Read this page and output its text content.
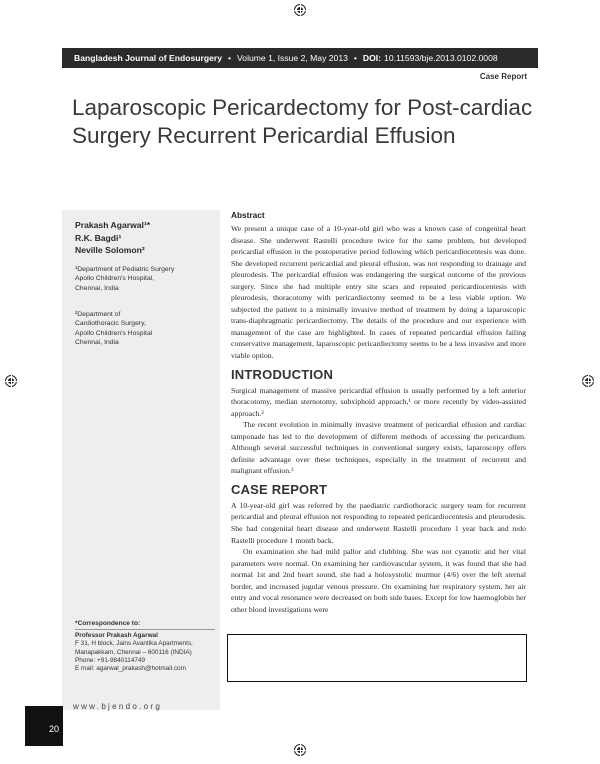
Bangladesh Journal of Endosurgery • Volume 1, Issue 2, May 2013 • DOI: 10.11593/bje.2013.0102.0008
Case Report
Laparoscopic Pericardectomy for Post-cardiac Surgery Recurrent Pericardial Effusion
Prakash Agarwal¹*
R.K. Bagdi¹
Neville Solomon²
¹Department of Pediatric Surgery
Apollo Children's Hospital,
Chennai, India
²Department of
Cardiothoracic Surgery,
Apollo Children's Hospital
Chennai, India
*Correspondence to:
Professor Prakash Agarwal
F 31, H block, Jains Avantika Apartments,
Manapakkam, Chennai – 600116 (INDIA)
Phone: +91-9840114749
E mail: agarwal_prakash@hotmail.com
Abstract

We present a unique case of a 10-year-old girl who was a known case of congenital heart disease. She underwent Rastelli procedure twice for the same problem, but developed pericardial effusion in the postoperative period following which pericardiocentesis was done. She developed recurrent pericardial and pleural effusion, was not responding to drainage and pleurodesis. The pericardial effusion was endangering the surgical outcome of the previous surgery. Since she had multiple entry site scars and repeated pericardiocentesis with pleurodesis, thoracotomy with pericardiectomy seemed to be a less viable option. We subjected the patient to a minimally invasive method of treatment by doing a laparoscopic trans-diaphragmatic pericardiectomy. The details of the procedure and our experience with management of the case are highlighted. In cases of repeated pericardial effusion failing conservative management, laparoscopic pericardiectomy seems to be a less invasive and more viable option.

INTRODUCTION

Surgical management of massive pericardial effusion is usually performed by a left anterior thoracotomy, median sternotomy, subxiphoid approach,¹ or more recently by video-assisted approach.²

The recent evolution in minimally invasive treatment of pericardial effusion and cardiac tamponade has led to the development of different methods of accessing the pericardium. Although several successful techniques in conventional surgery exists, laparoscopy offers definite advantage over these techniques, especially in the treatment of recurrent and malignant effusion.³

CASE REPORT

A 10-year-old girl was referred by the paediatric cardiothoracic surgery team for recurrent pericardial and pleural effusion not responding to repeated pericardiocentesis and pleurodesis. She had congenital heart disease and underwent Rastelli procedure 1 year back and redo Rastelli procedure 1 month back.

On examination she had mild pallor and clubbing. She was not cyanotic and her vital parameters were normal. On examining her cardiovascular system, it was found that she had normal 1st and 2nd heart sound, she had a holosystolic murmur (4/6) over the left sternal border, and increased jugular venous pressure. On examining her respiratory system, her air entry and vocal resonance were decreased on both side bases. Except for low haemoglobin her other blood investigations were

20
www.bjendo.org
